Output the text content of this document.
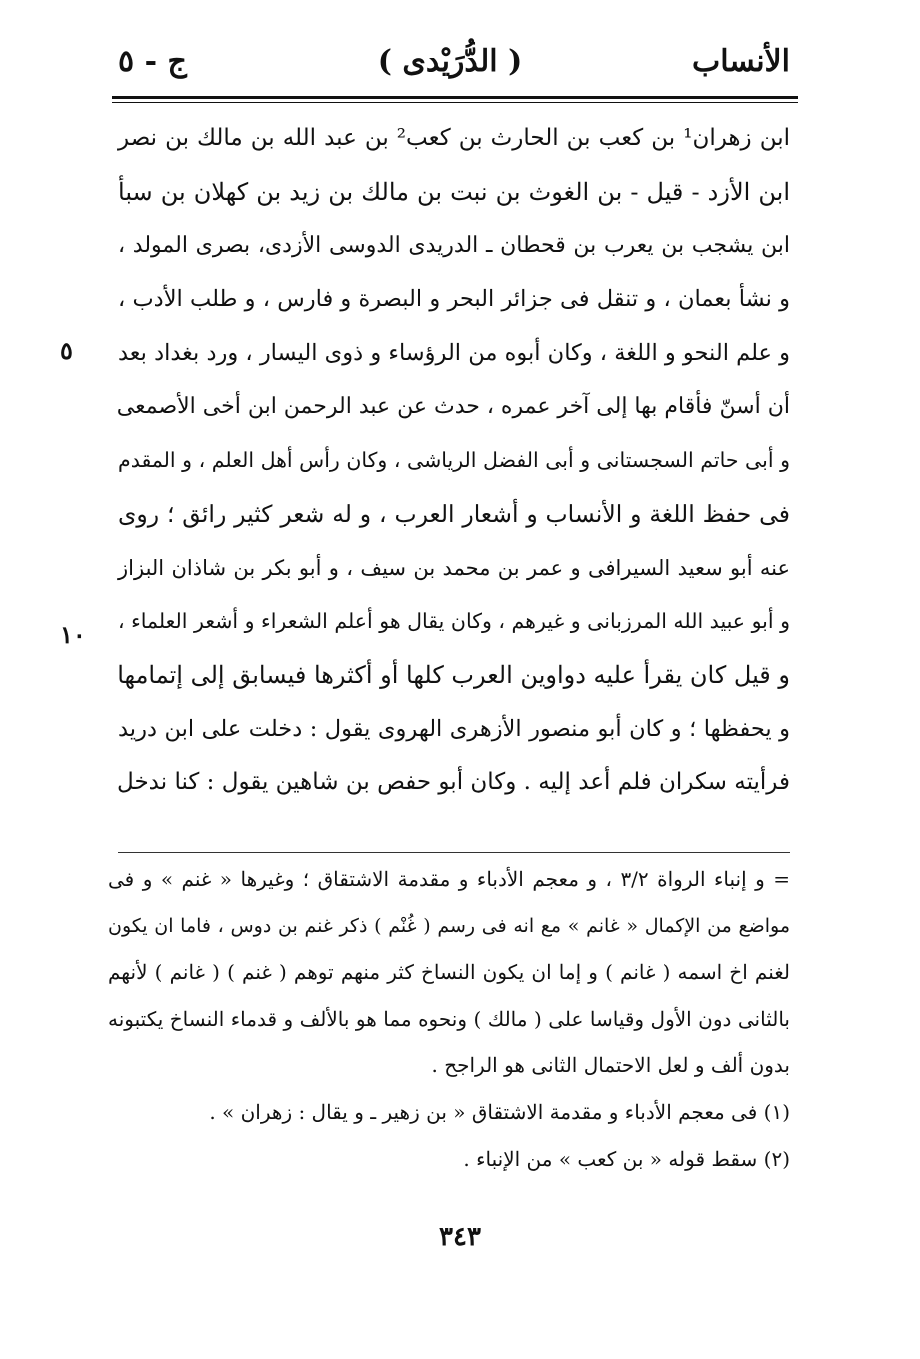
الأنساب
( الدُّرَيْدى )
ج - ٥
ابن زهران¹ بن كعب بن الحارث بن كعب² بن عبد الله بن مالك بن نصر
ابن الأزد - قيل - بن الغوث بن نبت بن مالك بن زيد بن كهلان بن سبأ
ابن يشجب بن يعرب بن قحطان ـ الدريدى الدوسى الأزدى، بصرى المولد ،
و نشأ بعمان ، و تنقل فى جزائر البحر و البصرة و فارس ، و طلب الأدب ،
و علم النحو و اللغة ، وكان أبوه من الرؤساء و ذوى اليسار ، ورد بغداد بعد
أن أسنّ فأقام بها إلى آخر عمره ، حدث عن عبد الرحمن ابن أخى الأصمعى
و أبى حاتم السجستانى و أبى الفضل الرياشى ، وكان رأس أهل العلم ، و المقدم
فى حفظ اللغة و الأنساب و أشعار العرب ، و له شعر كثير رائق ؛ روى
عنه أبو سعيد السيرافى و عمر بن محمد بن سيف ، و أبو بكر بن شاذان البزاز
و أبو عبيد الله المرزبانى و غيرهم ، وكان يقال هو أعلم الشعراء و أشعر العلماء ،
و قيل كان يقرأ عليه دواوين العرب كلها أو أكثرها فيسابق إلى إتمامها
و يحفظها ؛ و كان أبو منصور الأزهرى الهروى يقول : دخلت على ابن دريد
فرأيته سكران فلم أعد إليه . وكان أبو حفص بن شاهين يقول : كنا ندخل
٥
١٠
= و إنباء الرواة ٣/٢ ، و معجم الأدباء و مقدمة الاشتقاق ؛ وغيرها « غنم » و فى
مواضع من الإكمال « غانم » مع انه فى رسم ( غُنْم ) ذكر غنم بن دوس ، فاما ان يكون
لغنم اخ اسمه ( غانم ) و إما ان يكون النساخ كثر منهم توهم ( غنم ) ( غانم ) لأنهم
بالثانى دون الأول وقياسا على ( مالك ) ونحوه مما هو بالألف و قدماء النساخ يكتبونه
بدون ألف و لعل الاحتمال الثانى هو الراجح .
(١) فى معجم الأدباء و مقدمة الاشتقاق « بن زهير ـ و يقال : زهران » .
(٢) سقط قوله « بن كعب » من الإنباء .
٣٤٣
